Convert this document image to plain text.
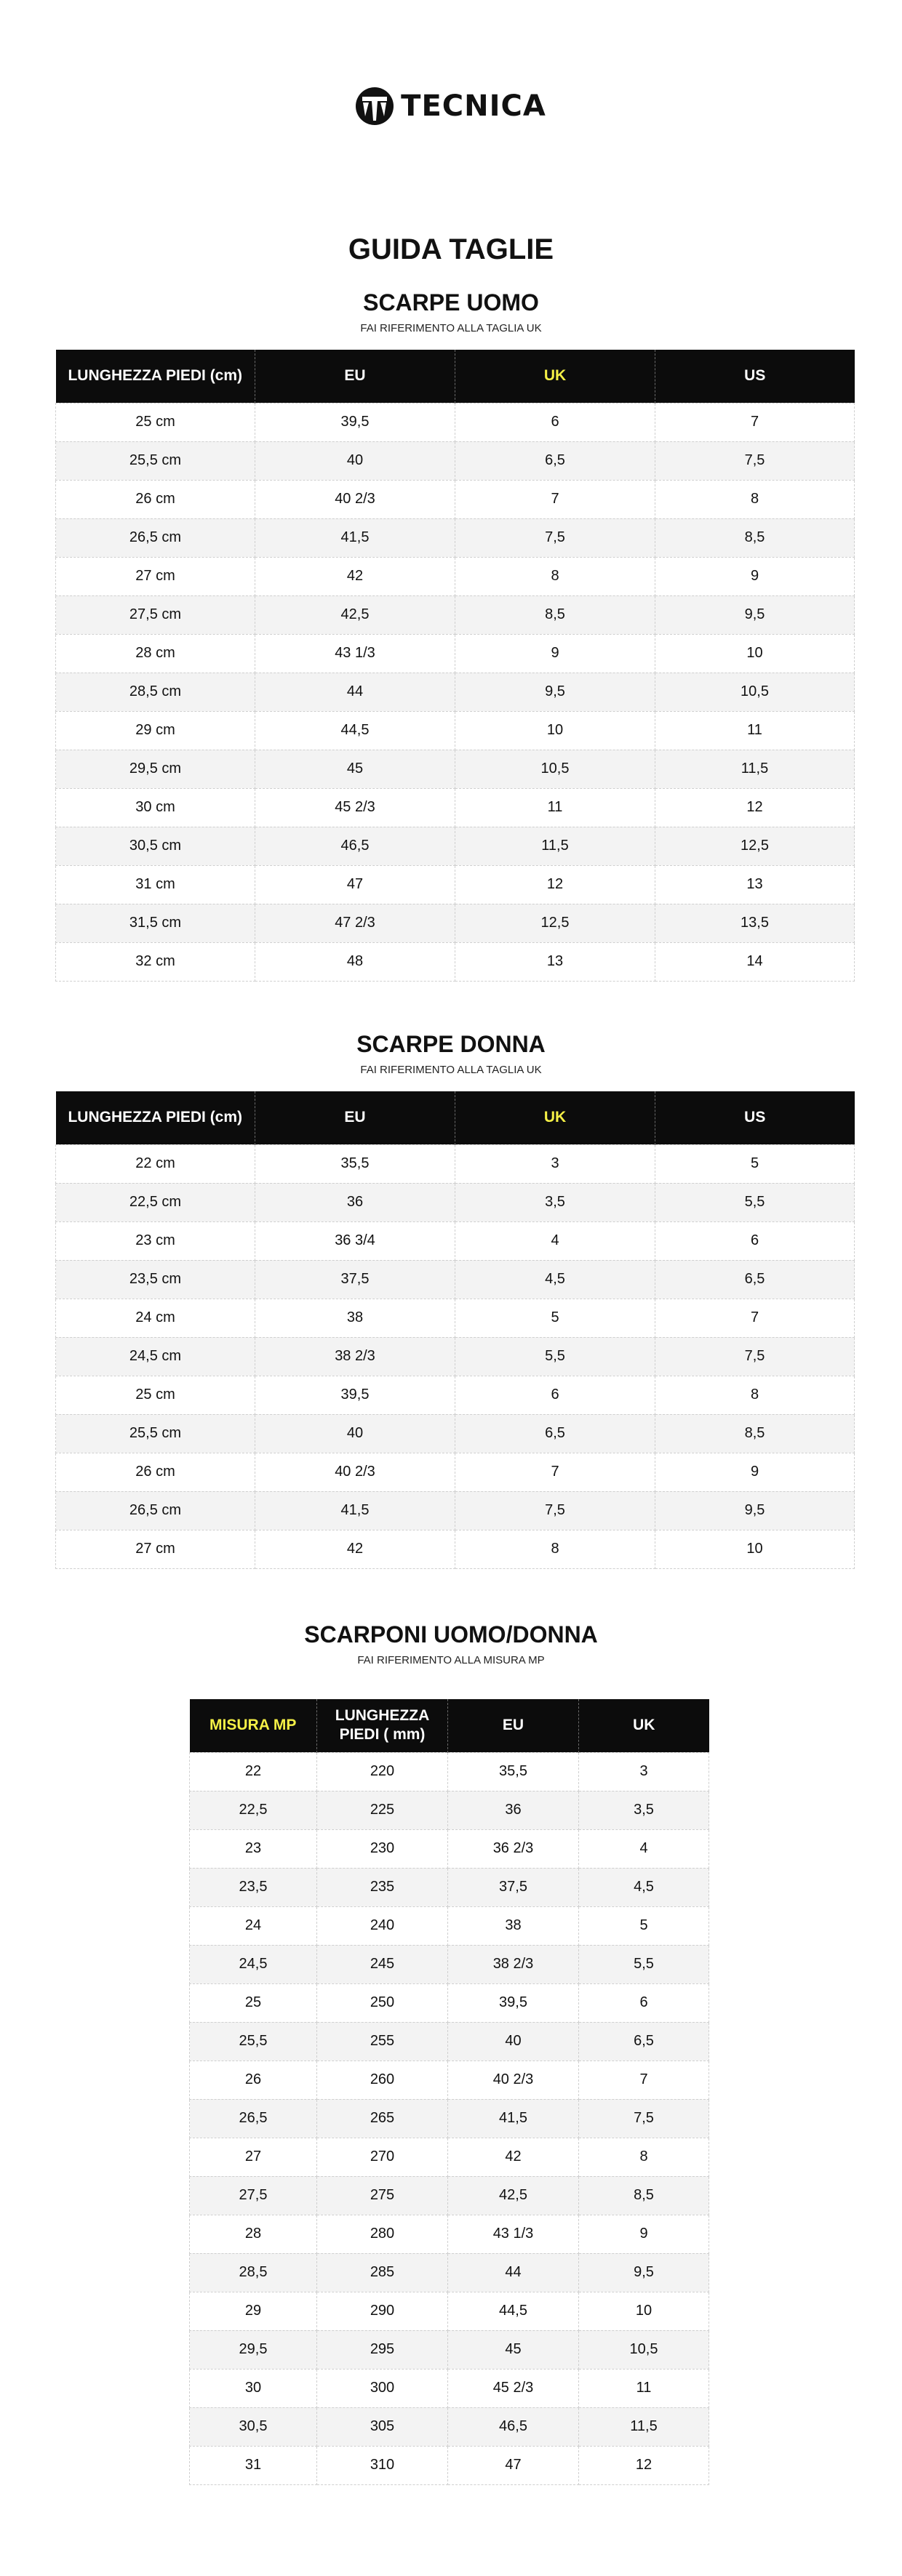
TECNICA
GUIDA TAGLIE
SCARPE UOMO
FAI RIFERIMENTO ALLA TAGLIA UK
LUNGHEZZA PIEDI (cm)	EU	UK	US
25 cm	39,5	6	7
25,5 cm	40	6,5	7,5
26 cm	40 2/3	7	8
26,5 cm	41,5	7,5	8,5
27 cm	42	8	9
27,5 cm	42,5	8,5	9,5
28 cm	43 1/3	9	10
28,5 cm	44	9,5	10,5
29 cm	44,5	10	11
29,5 cm	45	10,5	11,5
30 cm	45 2/3	11	12
30,5 cm	46,5	11,5	12,5
31 cm	47	12	13
31,5 cm	47 2/3	12,5	13,5
32 cm	48	13	14
SCARPE DONNA
FAI RIFERIMENTO ALLA TAGLIA UK
LUNGHEZZA PIEDI (cm)	EU	UK	US
22 cm	35,5	3	5
22,5 cm	36	3,5	5,5
23 cm	36 3/4	4	6
23,5 cm	37,5	4,5	6,5
24 cm	38	5	7
24,5 cm	38 2/3	5,5	7,5
25 cm	39,5	6	8
25,5 cm	40	6,5	8,5
26 cm	40 2/3	7	9
26,5 cm	41,5	7,5	9,5
27 cm	42	8	10
SCARPONI UOMO/DONNA
FAI RIFERIMENTO ALLA MISURA MP
MISURA MP	LUNGHEZZA PIEDI ( mm)	EU	UK
22	220	35,5	3
22,5	225	36	3,5
23	230	36 2/3	4
23,5	235	37,5	4,5
24	240	38	5
24,5	245	38 2/3	5,5
25	250	39,5	6
25,5	255	40	6,5
26	260	40 2/3	7
26,5	265	41,5	7,5
27	270	42	8
27,5	275	42,5	8,5
28	280	43 1/3	9
28,5	285	44	9,5
29	290	44,5	10
29,5	295	45	10,5
30	300	45 2/3	11
30,5	305	46,5	11,5
31	310	47	12
